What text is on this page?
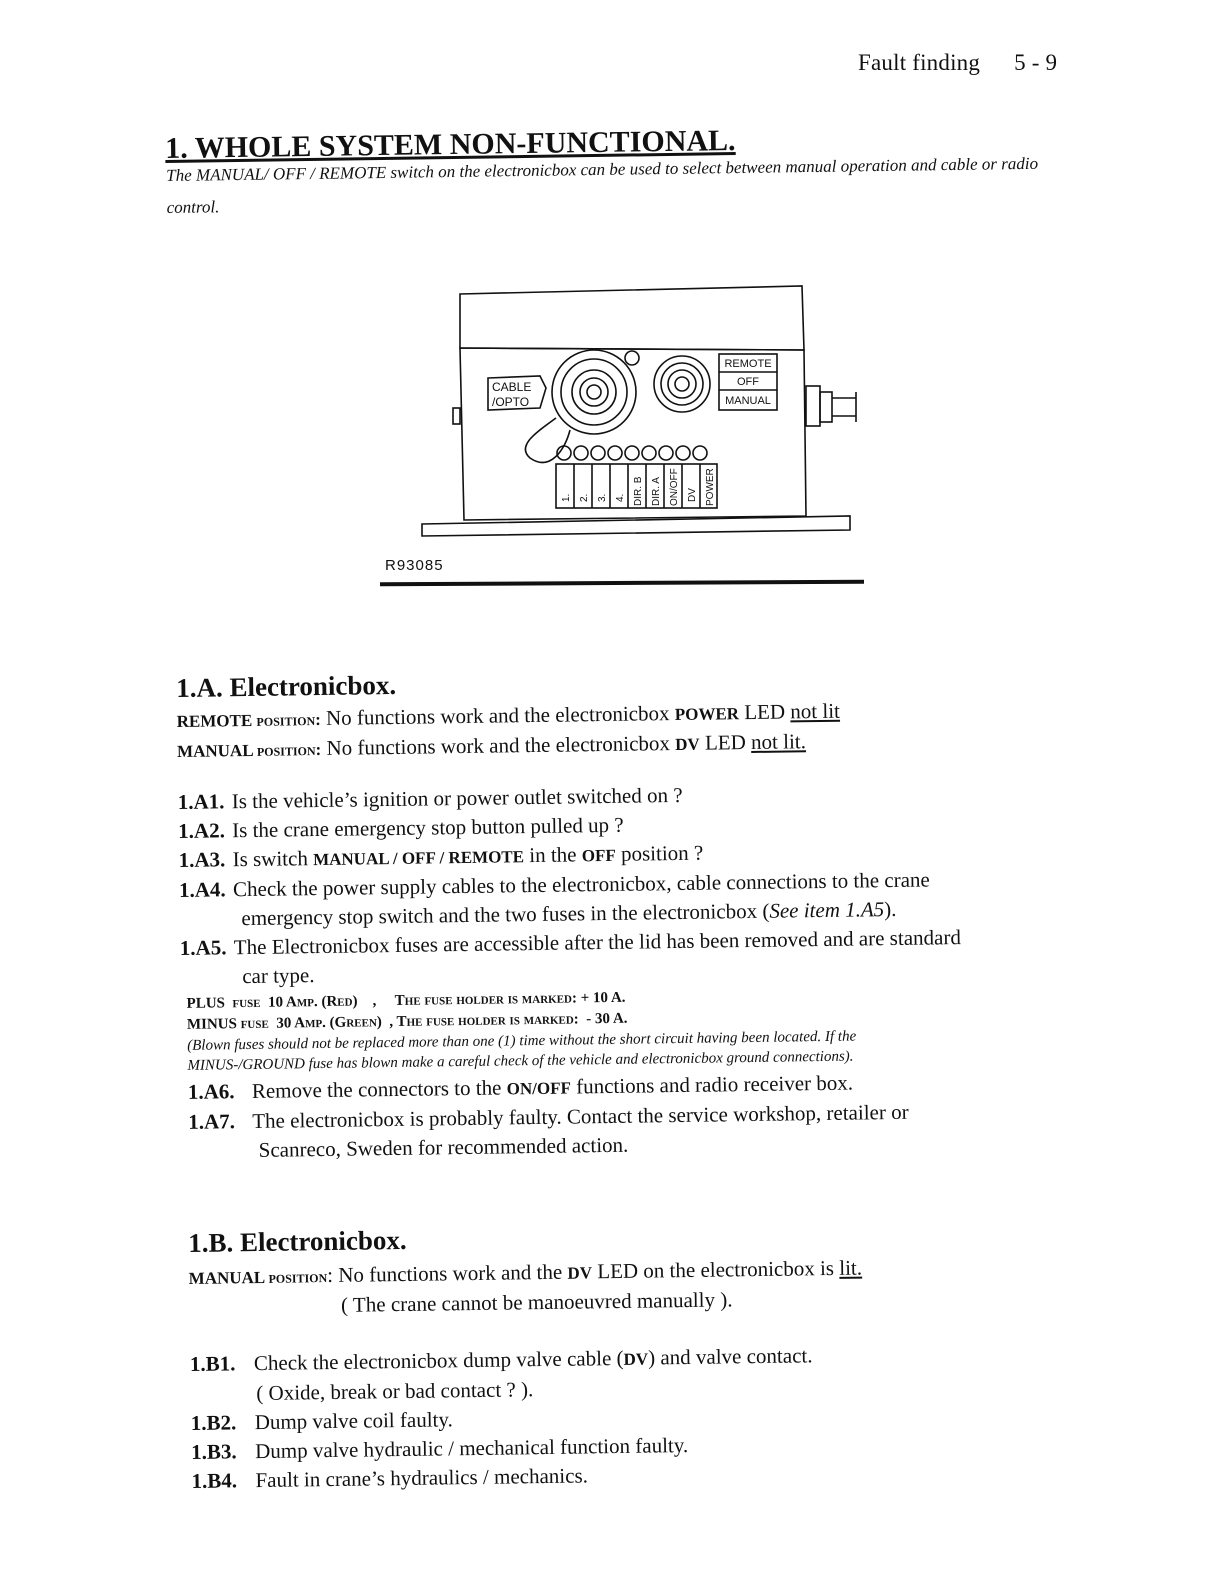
Fault finding 5 - 9
1. WHOLE SYSTEM NON-FUNCTIONAL.
The MANUAL/ OFF / REMOTE switch on the electronicbox can be used to select between manual operation and cable or radio control.
REMOTE
OFF
MANUAL
CABLE
/OPTO
1. 2. 3. 4. DIR. B DIR. A ON/OFF DV POWER
R93085
1.A. Electronicbox.
REMOTE position: No functions work and the electronicbox POWER LED not lit
MANUAL position: No functions work and the electronicbox DV LED not lit.
1.A1. Is the vehicle’s ignition or power outlet switched on ?
1.A2. Is the crane emergency stop button pulled up ?
1.A3. Is switch MANUAL / OFF / REMOTE in the OFF position ?
1.A4. Check the power supply cables to the electronicbox, cable connections to the crane
emergency stop switch and the two fuses in the electronicbox (See item 1.A5).
1.A5. The Electronicbox fuses are accessible after the lid has been removed and are standard
car type.
PLUS  fuse  10 Amp. (Red)    ,     The fuse holder is marked: + 10 A.
MINUS fuse  30 Amp. (Green)  , The fuse holder is marked:  - 30 A.
(Blown fuses should not be replaced more than one (1) time without the short circuit having been located. If the
MINUS-/GROUND fuse has blown make a careful check of the vehicle and electronicbox ground connections).
1.A6. Remove the connectors to the ON/OFF functions and radio receiver box.
1.A7. The electronicbox is probably faulty. Contact the service workshop, retailer or
Scanreco, Sweden for recommended action.
1.B. Electronicbox.
MANUAL position: No functions work and the DV LED on the electronicbox is lit.
( The crane cannot be manoeuvred manually ).
1.B1. Check the electronicbox dump valve cable (DV) and valve contact.
( Oxide, break or bad contact ? ).
1.B2. Dump valve coil faulty.
1.B3. Dump valve hydraulic / mechanical function faulty.
1.B4. Fault in crane’s hydraulics / mechanics.
